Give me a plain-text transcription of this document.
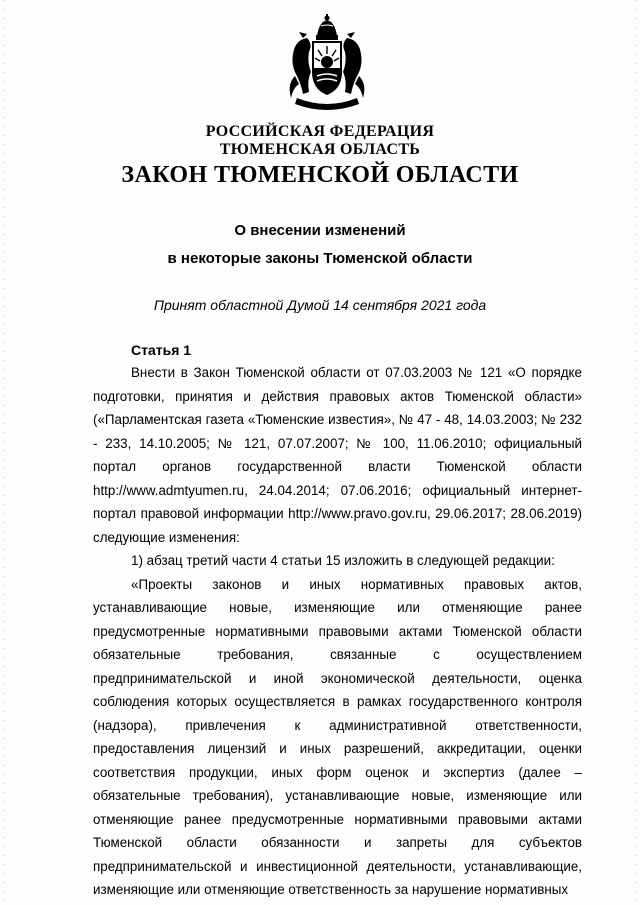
РОССИЙСКАЯ ФЕДЕРАЦИЯ
ТЮМЕНСКАЯ ОБЛАСТЬ
ЗАКОН ТЮМЕНСКОЙ ОБЛАСТИ
О внесении изменений
в некоторые законы Тюменской области
Принят областной Думой 14 сентября 2021 года
Статья 1

Внести в Закон Тюменской области от 07.03.2003 № 121 «О порядке подготовки, принятия и действия правовых актов Тюменской области» («Парламентская газета «Тюменские известия», № 47 - 48, 14.03.2003; № 232 - 233, 14.10.2005; № 121, 07.07.2007; № 100, 11.06.2010; официальный портал органов государственной власти Тюменской области http://www.admtyumen.ru, 24.04.2014; 07.06.2016; официальный интернет-портал правовой информации http://www.pravo.gov.ru, 29.06.2017; 28.06.2019) следующие изменения:

1) абзац третий части 4 статьи 15 изложить в следующей редакции:

«Проекты законов и иных нормативных правовых актов, устанавливающие новые, изменяющие или отменяющие ранее предусмотренные нормативными правовыми актами Тюменской области обязательные требования, связанные с осуществлением предпринимательской и иной экономической деятельности, оценка соблюдения которых осуществляется в рамках государственного контроля (надзора), привлечения к административной ответственности, предоставления лицензий и иных разрешений, аккредитации, оценки соответствия продукции, иных форм оценок и экспертиз (далее – обязательные требования), устанавливающие новые, изменяющие или отменяющие ранее предусмотренные нормативными правовыми актами Тюменской области обязанности и запреты для субъектов предпринимательской и инвестиционной деятельности, устанавливающие, изменяющие или отменяющие ответственность за нарушение нормативных
